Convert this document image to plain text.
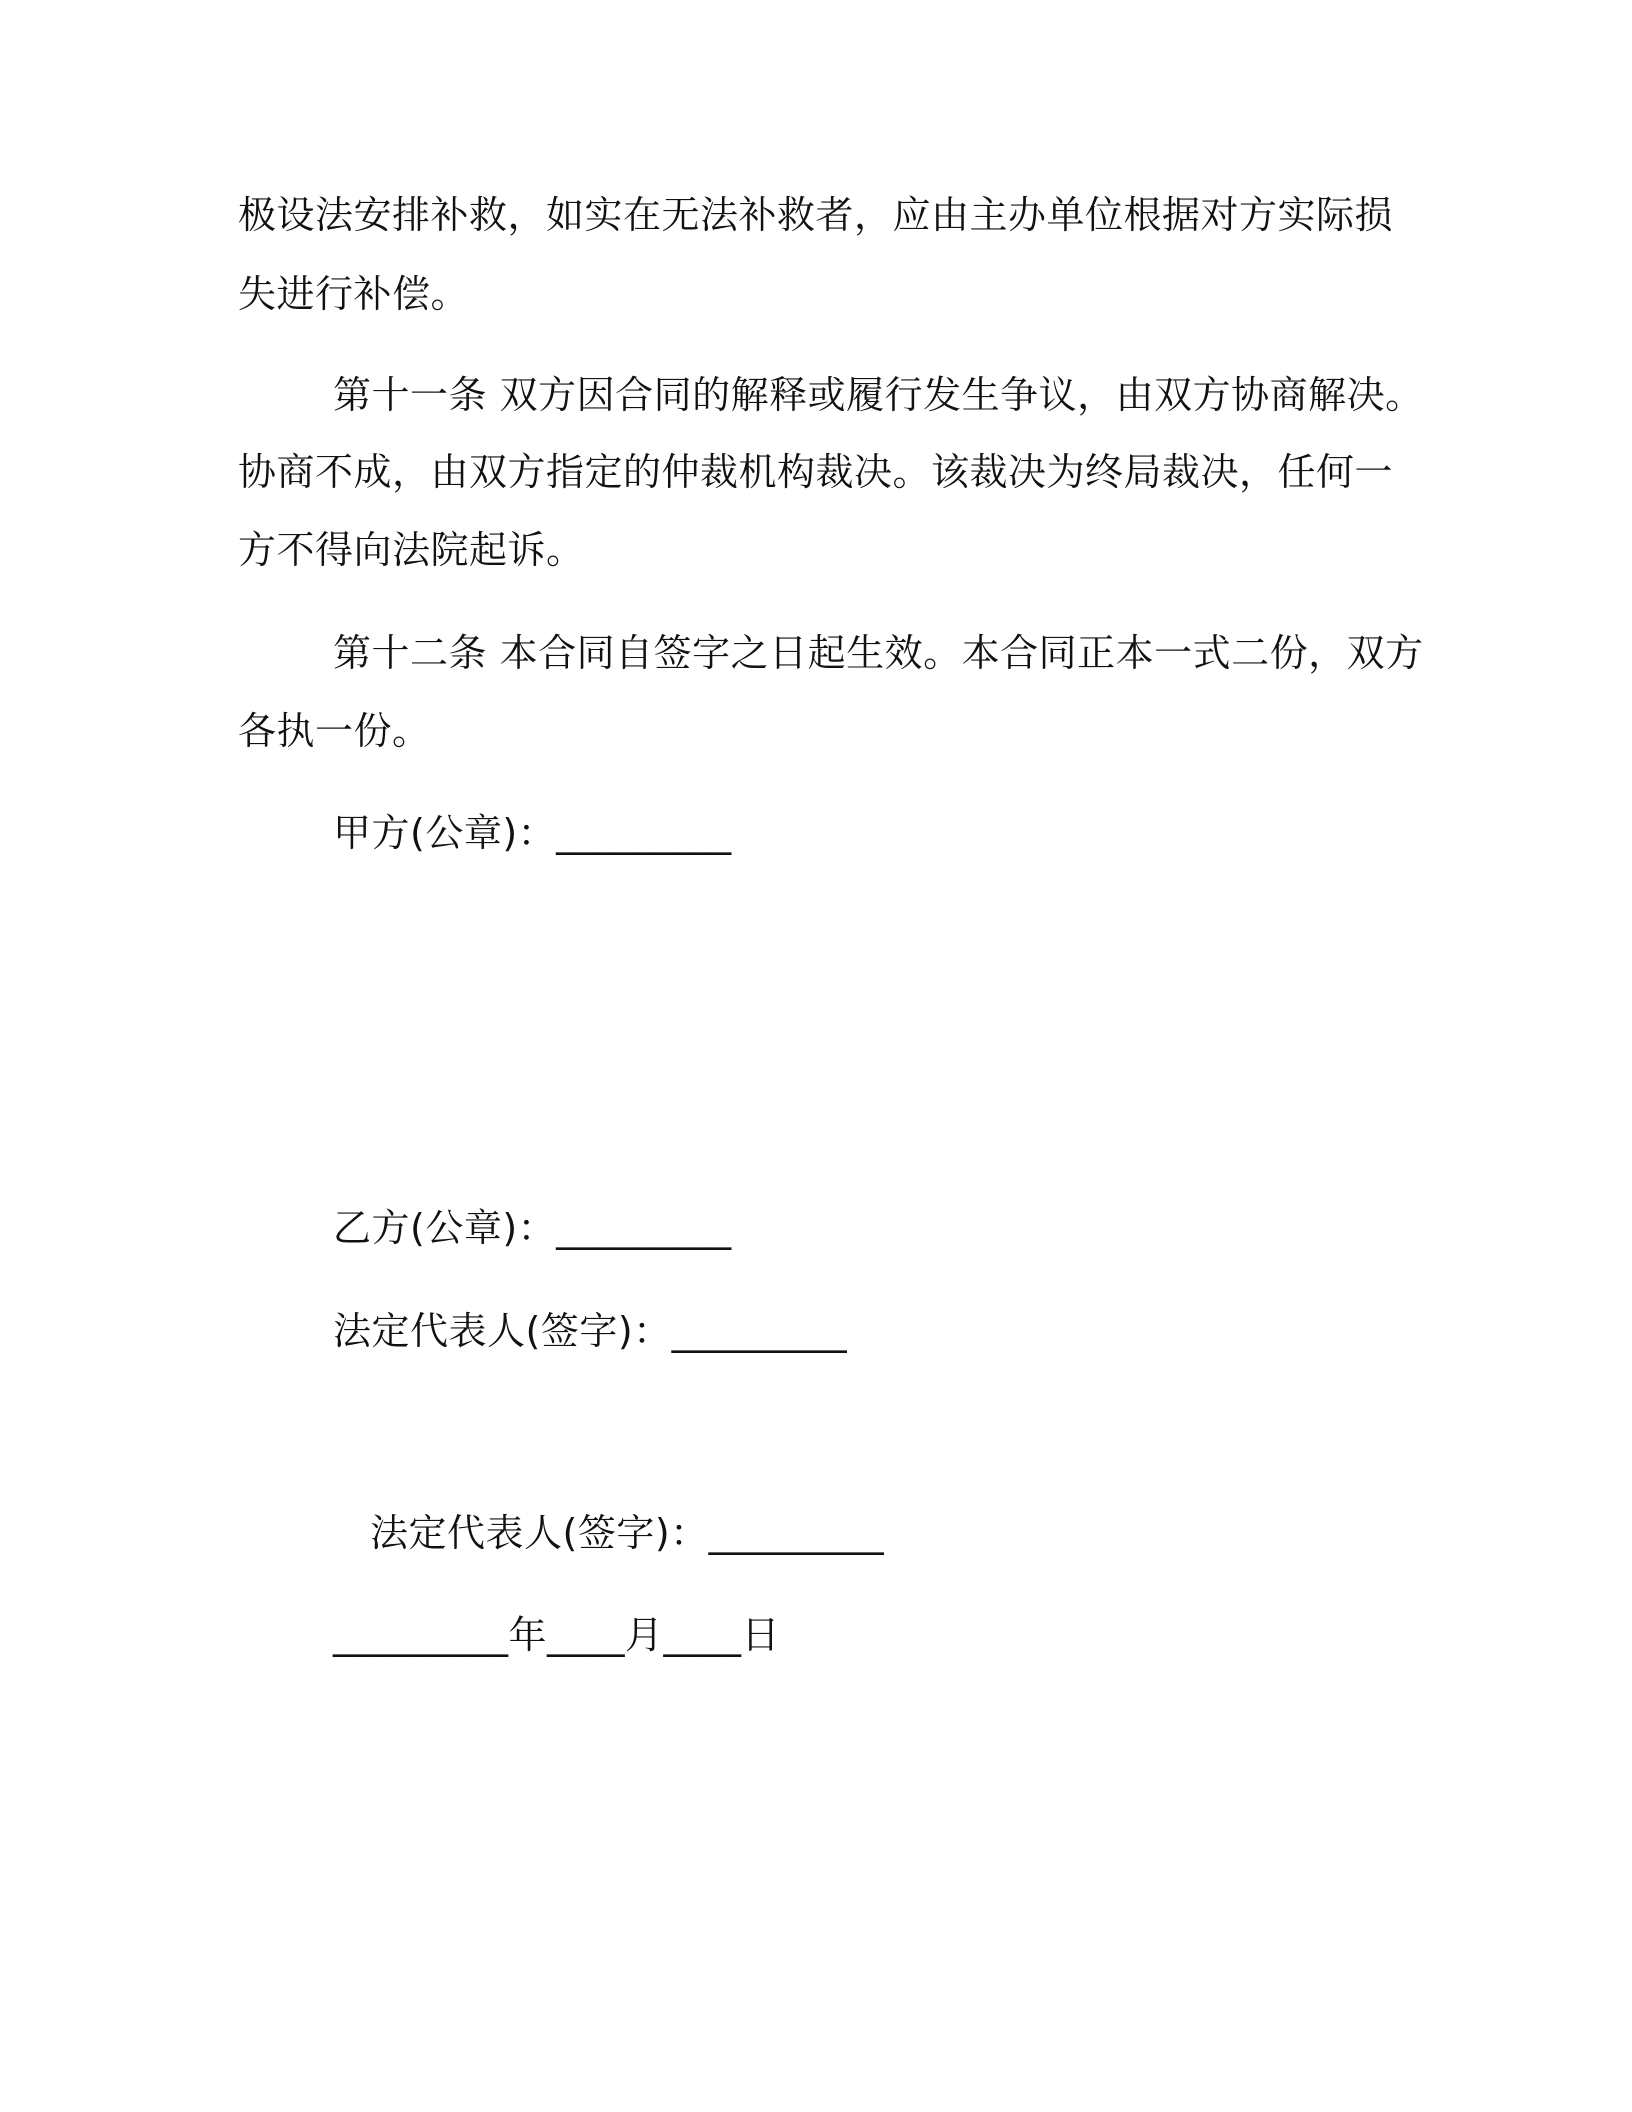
极设法安排补救，如实在无法补救者，应由主办单位根据对方实际损
失进行补偿。
第十一条 双方因合同的解释或履行发生争议，由双方协商解决。
协商不成，由双方指定的仲裁机构裁决。该裁决为终局裁决，任何一
方不得向法院起诉。
第十二条 本合同自签字之日起生效。本合同正本一式二份，双方
各执一份。
甲方(公章)：_________
乙方(公章)：_________
法定代表人(签字)：_________
法定代表人(签字)：_________
_________年____月____日
